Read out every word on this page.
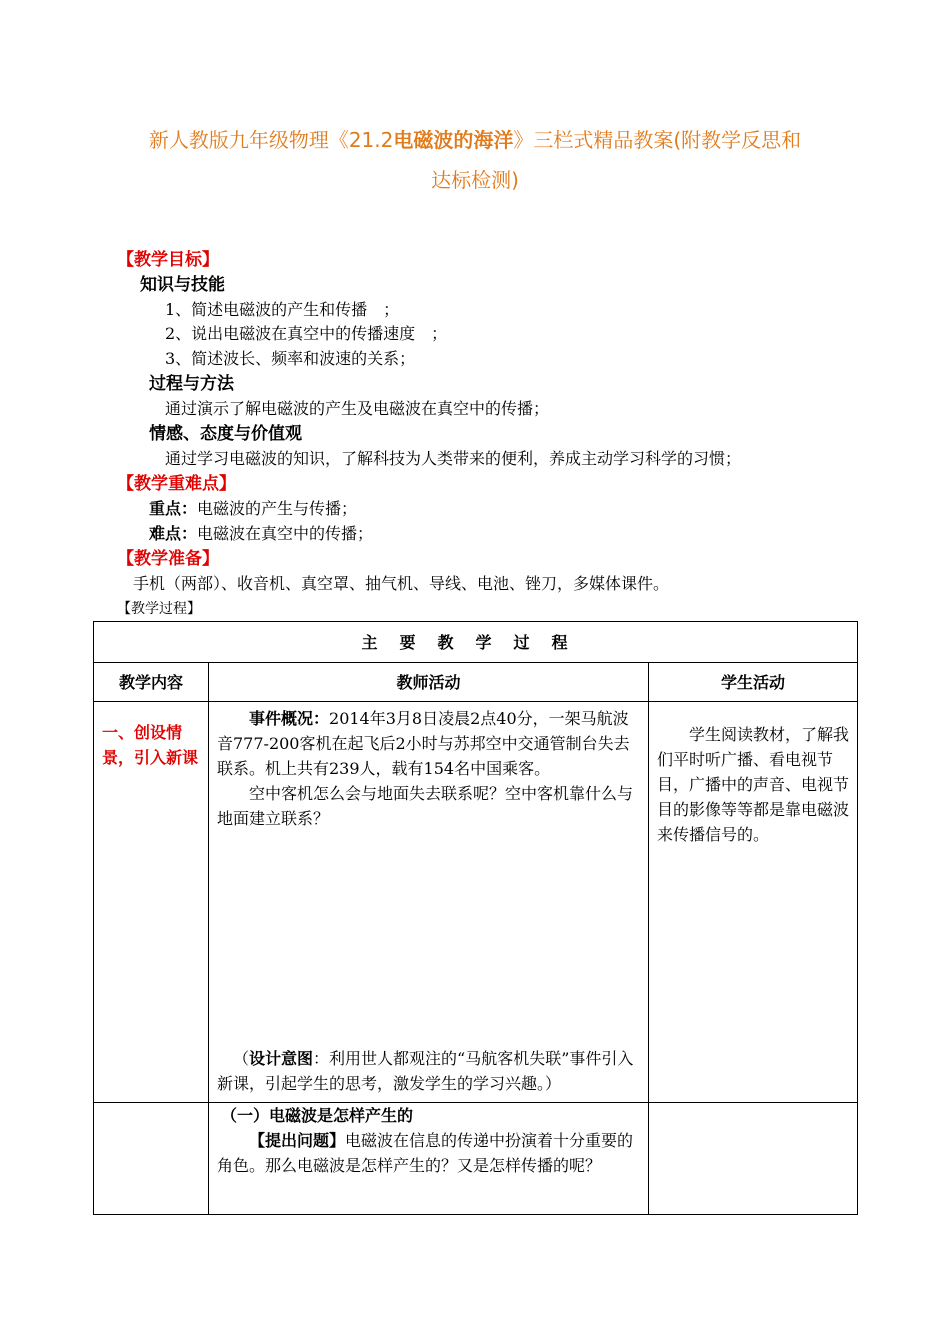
新人教版九年级物理《21.2电磁波的海洋》三栏式精品教案(附教学反思和
达标检测)
【教学目标】
知识与技能
1、简述电磁波的产生和传播　；
2、说出电磁波在真空中的传播速度　；
3、简述波长、频率和波速的关系；
过程与方法
通过演示了解电磁波的产生及电磁波在真空中的传播；
情感、态度与价值观
通过学习电磁波的知识，了解科技为人类带来的便利，养成主动学习科学的习惯；
【教学重难点】
重点：电磁波的产生与传播；
难点：电磁波在真空中的传播；
【教学准备】
手机（两部）、收音机、真空罩、抽气机、导线、电池、锉刀，多媒体课件。
【教学过程】
主要教学过程		
教学内容	教师活动	学生活动
一、创设情景，引入新课	事件概况：2014年3月8日凌晨2点40分，一架马航波音777-200客机在起飞后2小时与苏邦空中交通管制台失去联系。机上共有239人，载有154名中国乘客。
空中客机怎么会与地面失去联系呢？空中客机靠什么与地面建立联系？
（设计意图：利用世人都观注的“马航客机失联”事件引入新课，引起学生的思考，激发学生的学习兴趣。）	学生阅读教材，了解我们平时听广播、看电视节目，广播中的声音、电视节目的影像等等都是靠电磁波来传播信号的。

	（一）电磁波是怎样产生的
【提出问题】电磁波在信息的传递中扮演着十分重要的角色。那么电磁波是怎样产生的？又是怎样传播的呢？	
